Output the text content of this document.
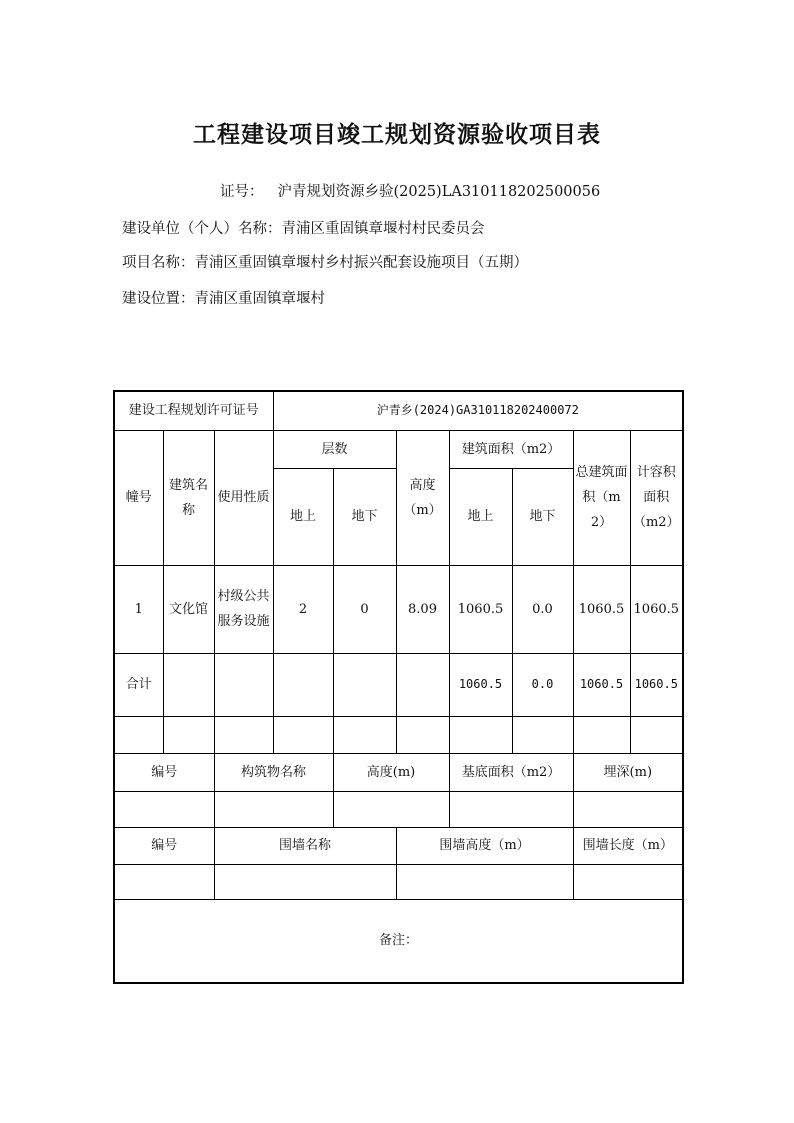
工程建设项目竣工规划资源验收项目表
证号： 沪青规划资源乡验(2025)LA310118202500056
建设单位（个人）名称：青浦区重固镇章堰村村民委员会
项目名称：青浦区重固镇章堰村乡村振兴配套设施项目（五期）
建设位置：青浦区重固镇章堰村
建设工程规划许可证号			沪青乡(2024)GA310118202400072						
幢号	建筑名称	使用性质	层数		高度（m）	建筑面积（m2）		总建筑面积（m2）	计容积面积（m2）
			地上	地下		地上	地下		
1	文化馆	村级公共服务设施	2	0	8.09	1060.5	0.0	1060.5	1060.5
合计						1060.5	0.0	1060.5	1060.5

编号		构筑物名称		高度(m)		基底面积（m2）		埋深(m)	

编号		围墙名称			围墙高度（m）			围墙长度（m）	

备注：									
